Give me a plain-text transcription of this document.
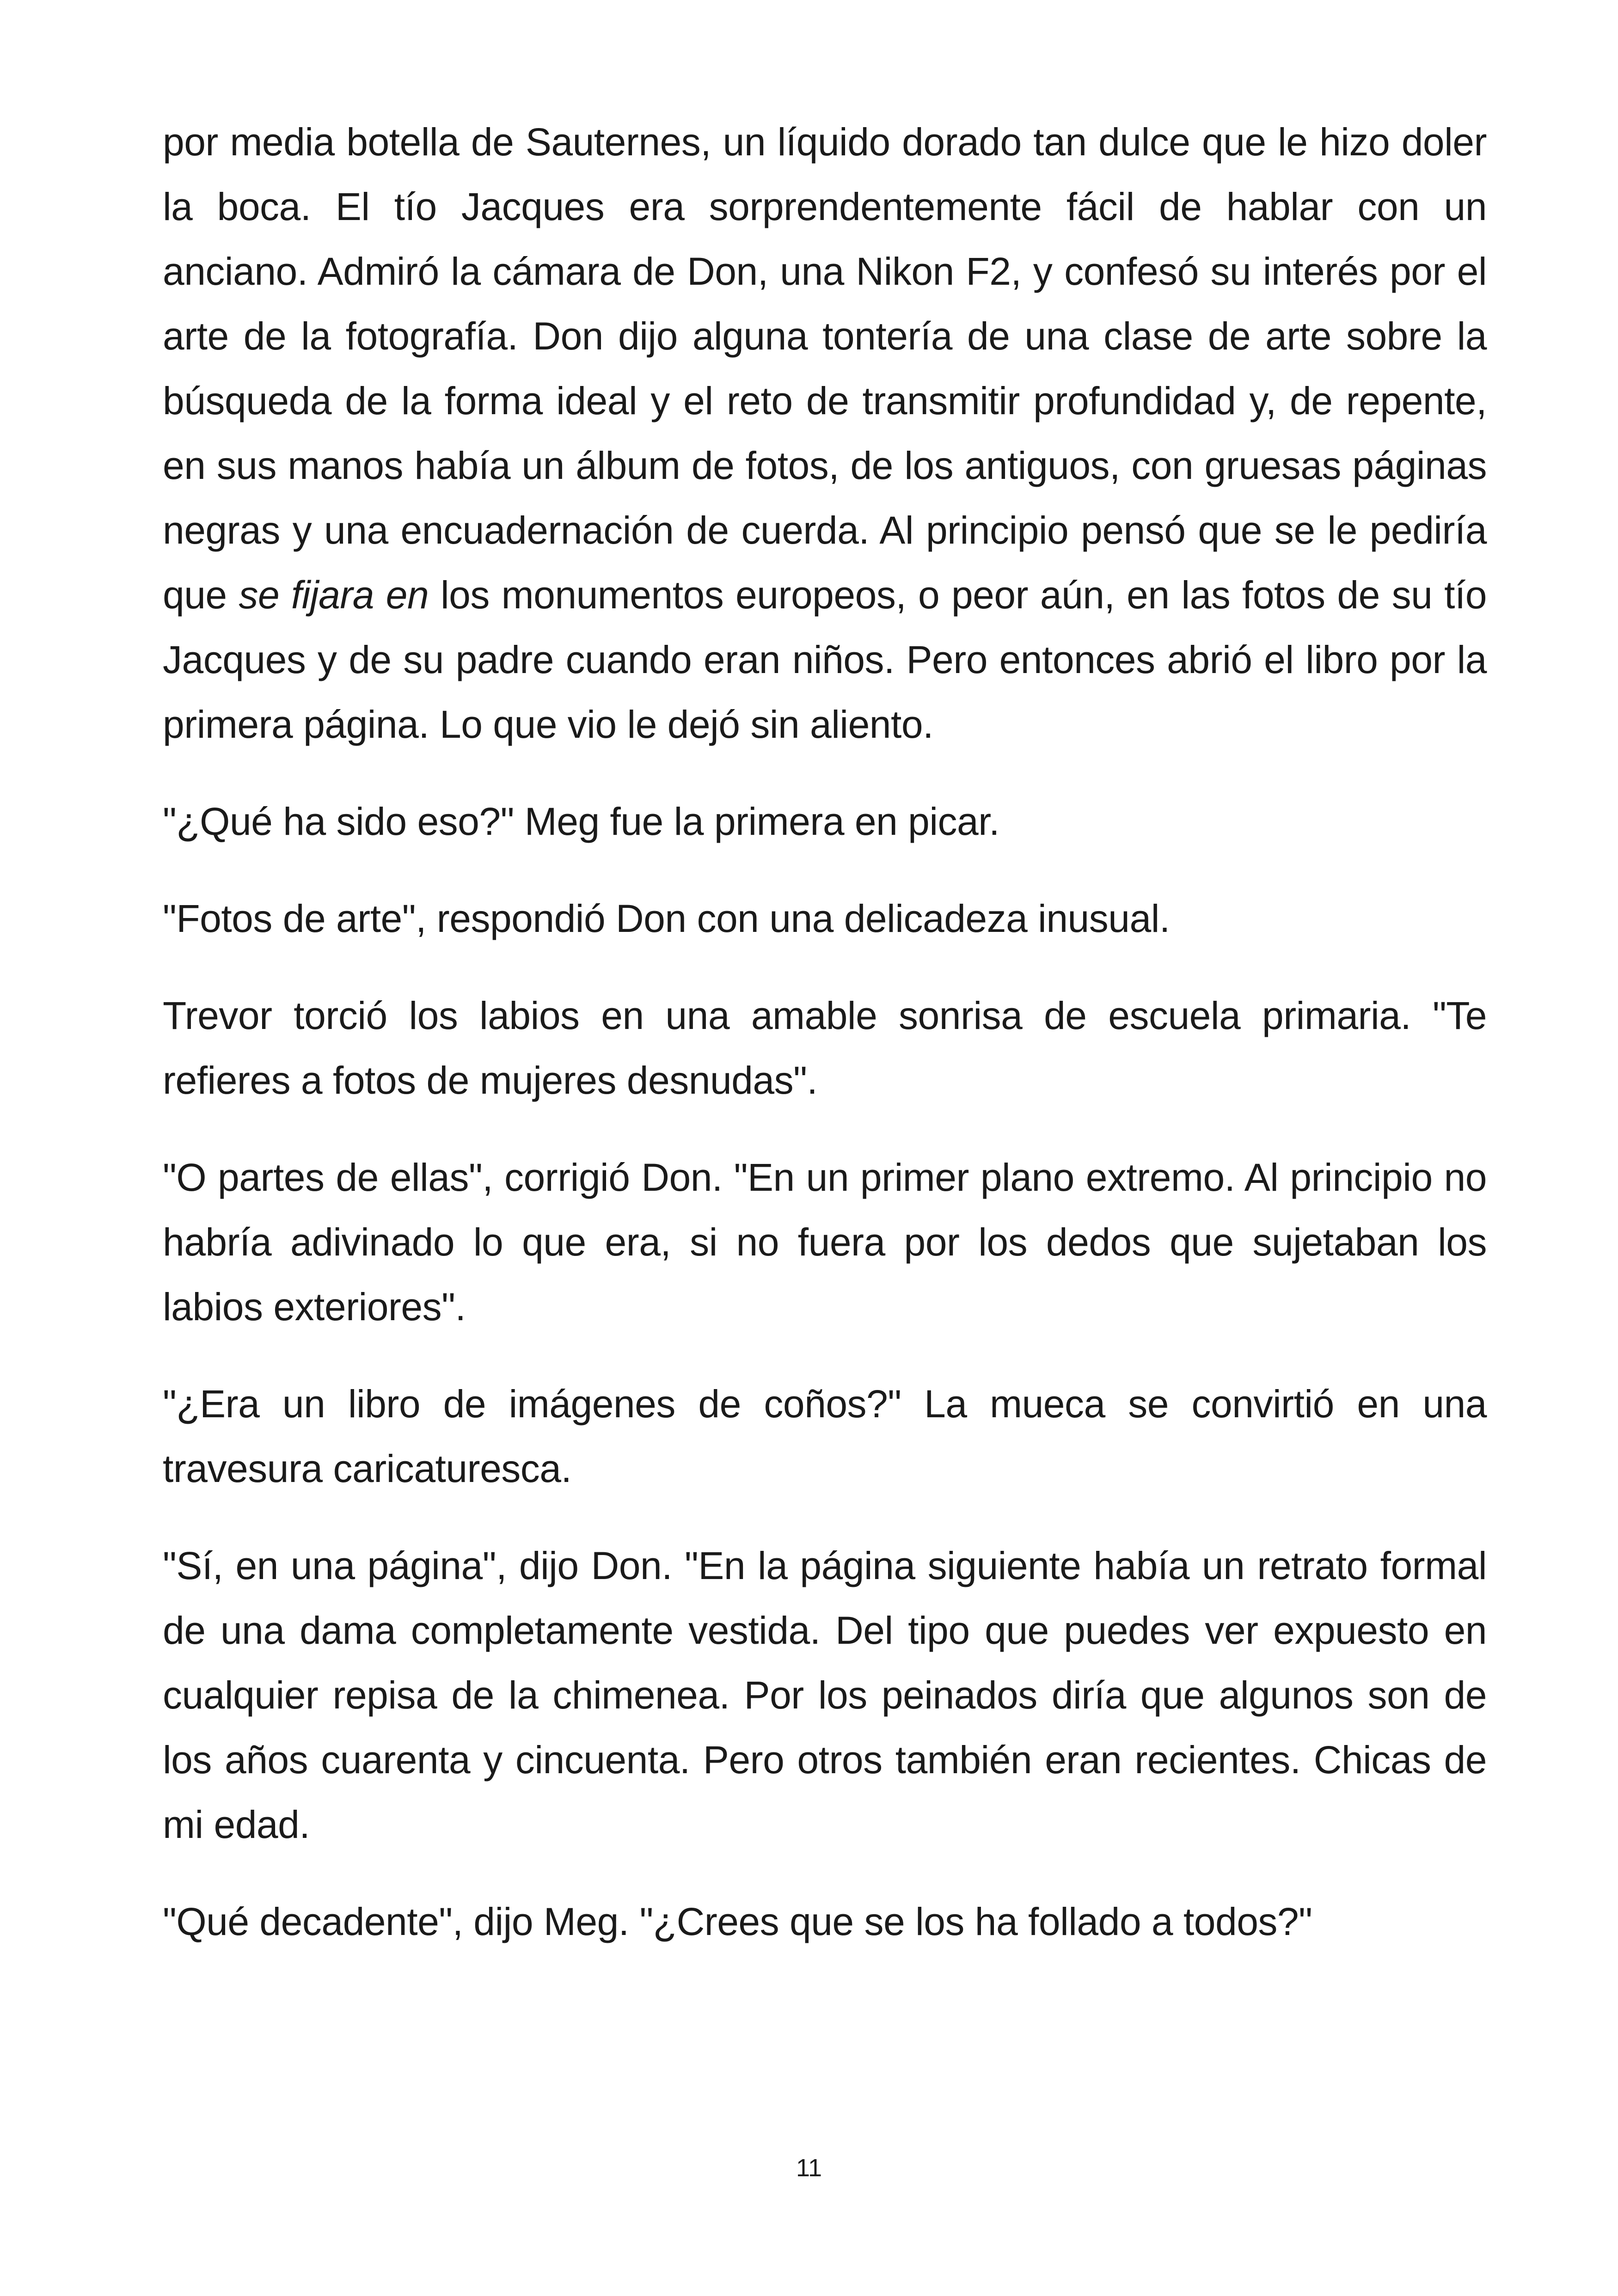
por media botella de Sauternes, un líquido dorado tan dulce que le hizo doler la boca. El tío Jacques era sorprendentemente fácil de hablar con un anciano. Admiró la cámara de Don, una Nikon F2, y confesó su interés por el arte de la fotografía. Don dijo alguna tontería de una clase de arte sobre la búsqueda de la forma ideal y el reto de transmitir profundidad y, de repente, en sus manos había un álbum de fotos, de los antiguos, con gruesas páginas negras y una encuadernación de cuerda. Al principio pensó que se le pediría que se fijara en los monumentos europeos, o peor aún, en las fotos de su tío Jacques y de su padre cuando eran niños. Pero entonces abrió el libro por la primera página. Lo que vio le dejó sin aliento.

"¿Qué ha sido eso?" Meg fue la primera en picar.

"Fotos de arte", respondió Don con una delicadeza inusual.

Trevor torció los labios en una amable sonrisa de escuela primaria. "Te refieres a fotos de mujeres desnudas".

"O partes de ellas", corrigió Don. "En un primer plano extremo. Al principio no habría adivinado lo que era, si no fuera por los dedos que sujetaban los labios exteriores".

"¿Era un libro de imágenes de coños?" La mueca se convirtió en una travesura caricaturesca.

"Sí, en una página", dijo Don. "En la página siguiente había un retrato formal de una dama completamente vestida. Del tipo que puedes ver expuesto en cualquier repisa de la chimenea. Por los peinados diría que algunos son de los años cuarenta y cincuenta. Pero otros también eran recientes. Chicas de mi edad.

"Qué decadente", dijo Meg. "¿Crees que se los ha follado a todos?"

11
